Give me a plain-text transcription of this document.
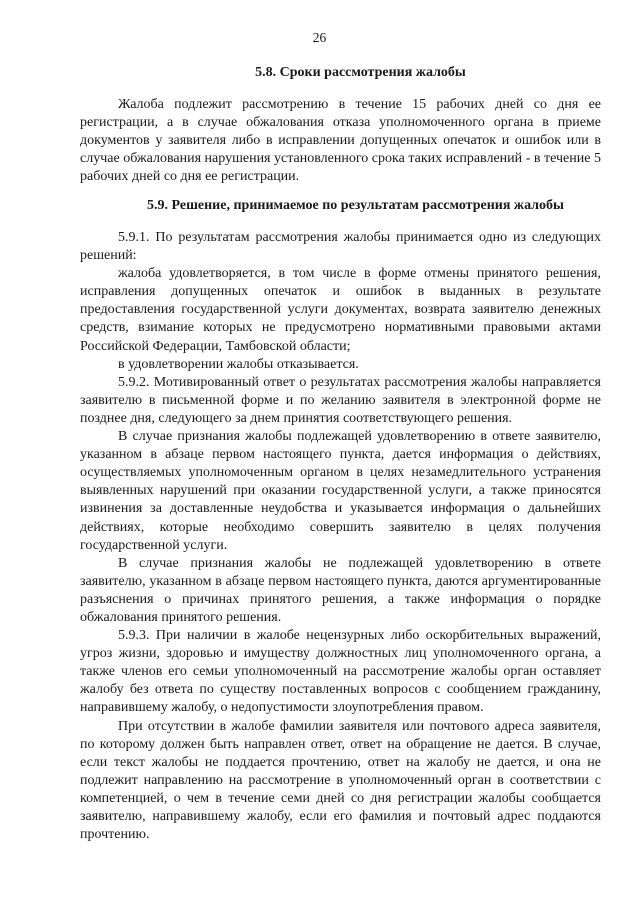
26
5.8. Сроки рассмотрения жалобы

Жалоба подлежит рассмотрению в течение 15 рабочих дней со дня ее регистрации, а в случае обжалования отказа уполномоченного органа в приеме документов у заявителя либо в исправлении допущенных опечаток и ошибок или в случае обжалования нарушения установленного срока таких исправлений - в течение 5 рабочих дней со дня ее регистрации.

5.9. Решение, принимаемое по результатам рассмотрения жалобы

5.9.1. По результатам рассмотрения жалобы принимается одно из следующих решений:

жалоба удовлетворяется, в том числе в форме отмены принятого решения, исправления допущенных опечаток и ошибок в выданных в результате предоставления государственной услуги документах, возврата заявителю денежных средств, взимание которых не предусмотрено нормативными правовыми актами Российской Федерации, Тамбовской области;

в удовлетворении жалобы отказывается.

5.9.2. Мотивированный ответ о результатах рассмотрения жалобы направляется заявителю в письменной форме и по желанию заявителя в электронной форме не позднее дня, следующего за днем принятия соответствующего решения.

В случае признания жалобы подлежащей удовлетворению в ответе заявителю, указанном в абзаце первом настоящего пункта, дается информация о действиях, осуществляемых уполномоченным органом в целях незамедлительного устранения выявленных нарушений при оказании государственной услуги, а также приносятся извинения за доставленные неудобства и указывается информация о дальнейших действиях, которые необходимо совершить заявителю в целях получения государственной услуги.

В случае признания жалобы не подлежащей удовлетворению в ответе заявителю, указанном в абзаце первом настоящего пункта, даются аргументированные разъяснения о причинах принятого решения, а также информация о порядке обжалования принятого решения.

5.9.3. При наличии в жалобе нецензурных либо оскорбительных выражений, угроз жизни, здоровью и имуществу должностных лиц уполномоченного органа, а также членов его семьи уполномоченный на рассмотрение жалобы орган оставляет жалобу без ответа по существу поставленных вопросов с сообщением гражданину, направившему жалобу, о недопустимости злоупотребления правом.

При отсутствии в жалобе фамилии заявителя или почтового адреса заявителя, по которому должен быть направлен ответ, ответ на обращение не дается. В случае, если текст жалобы не поддается прочтению, ответ на жалобу не дается, и она не подлежит направлению на рассмотрение в уполномоченный орган в соответствии с компетенцией, о чем в течение семи дней со дня регистрации жалобы сообщается заявителю, направившему жалобу, если его фамилия и почтовый адрес поддаются прочтению.
